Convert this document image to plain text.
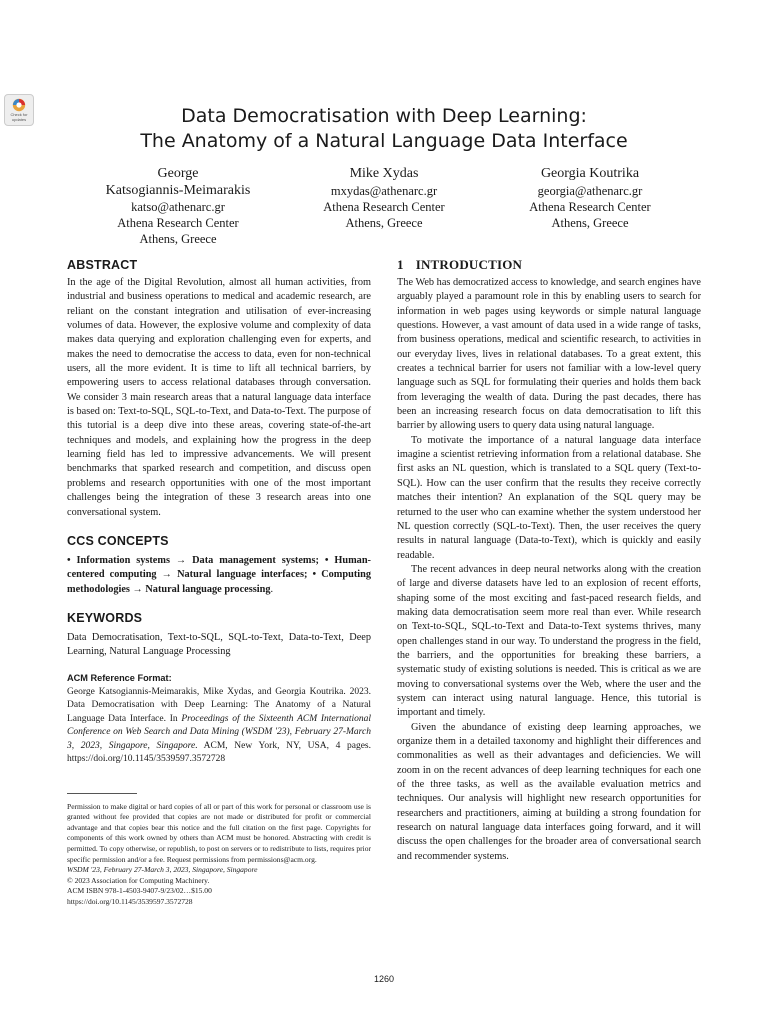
Check for updates	Data Democratisation with Deep Learning:
The Anatomy of a Natural Language Data Interface
George
Katsogiannis-Meimarakis
katso@athenarc.gr
Athena Research Center
Athens, Greece
Mike Xydas
mxydas@athenarc.gr
Athena Research Center
Athens, Greece
Georgia Koutrika
georgia@athenarc.gr
Athena Research Center
Athens, Greece
ABSTRACT

In the age of the Digital Revolution, almost all human activities, from industrial and business operations to medical and academic research, are reliant on the constant integration and utilisation of ever-increasing volumes of data. However, the explosive volume and complexity of data makes data querying and exploration challenging even for experts, and makes the need to democratise the access to data, even for non-technical users, all the more evident. It is time to lift all technical barriers, by empowering users to access relational databases through conversation. We consider 3 main research areas that a natural language data interface is based on: Text-to-SQL, SQL-to-Text, and Data-to-Text. The purpose of this tutorial is a deep dive into these areas, covering state-of-the-art techniques and models, and explaining how the progress in the deep learning field has led to impressive advancements. We will present benchmarks that sparked research and competition, and discuss open problems and research opportunities with one of the most important challenges being the integration of these 3 research areas into one conversational system.

CCS CONCEPTS

• Information systems → Data management systems; • Human-centered computing → Natural language interfaces; • Computing methodologies → Natural language processing.

KEYWORDS

Data Democratisation, Text-to-SQL, SQL-to-Text, Data-to-Text, Deep Learning, Natural Language Processing

ACM Reference Format:

George Katsogiannis-Meimarakis, Mike Xydas, and Georgia Koutrika. 2023. Data Democratisation with Deep Learning: The Anatomy of a Natural Language Data Interface. In Proceedings of the Sixteenth ACM International Conference on Web Search and Data Mining (WSDM '23), February 27-March 3, 2023, Singapore, Singapore. ACM, New York, NY, USA, 4 pages. https://doi.org/10.1145/3539597.3572728

Permission to make digital or hard copies of all or part of this work for personal or classroom use is granted without fee provided that copies are not made or distributed for profit or commercial advantage and that copies bear this notice and the full citation on the first page. Copyrights for components of this work owned by others than ACM must be honored. Abstracting with credit is permitted. To copy otherwise, or republish, to post on servers or to redistribute to lists, requires prior specific permission and/or a fee. Request permissions from permissions@acm.org.
WSDM '23, February 27-March 3, 2023, Singapore, Singapore
© 2023 Association for Computing Machinery.
ACM ISBN 978-1-4503-9407-9/23/02…$15.00
https://doi.org/10.1145/3539597.3572728

1 INTRODUCTION

The Web has democratized access to knowledge, and search engines have arguably played a paramount role in this by enabling users to search for information in web pages using keywords or simple natural language questions. However, a vast amount of data used in a wide range of tasks, from business operations, medical and scientific research, to activities in our everyday lives, lives in relational databases. To a great extent, this creates a technical barrier for users not familiar with a low-level query language such as SQL for formulating their queries and holds them back from leveraging the wealth of data. During the past decades, there has been an increasing research focus on data democratisation to lift this barrier by allowing users to query data using natural language.

To motivate the importance of a natural language data interface imagine a scientist retrieving information from a relational database. She first asks an NL question, which is translated to a SQL query (Text-to-SQL). How can the user confirm that the results they receive correctly matches their intention? An explanation of the SQL query may be returned to the user who can examine whether the system understood her NL question correctly (SQL-to-Text). Then, the user receives the query results in natural language (Data-to-Text), which is quickly and easily readable.

The recent advances in deep neural networks along with the creation of large and diverse datasets have led to an explosion of recent efforts, shaping some of the most exciting and fast-paced research fields, and making data democratisation seem more real than ever. While research on Text-to-SQL, SQL-to-Text and Data-to-Text systems thrives, many open challenges stand in our way. To understand the progress in the field, the barriers, and the opportunities for breaking these barriers, a systematic study of existing solutions is needed. This is critical as we are moving to conversational systems over the Web, where the user and the system can interact using natural language. Hence, this tutorial is important and timely.

Given the abundance of existing deep learning approaches, we organize them in a detailed taxonomy and highlight their differences and commonalities as well as their advantages and deficiencies. We will zoom in on the recent advances of deep learning techniques for each one of the three tasks, as well as the available evaluation metrics and techniques. Our analysis will highlight new research opportunities for researchers and practitioners, aiming at building a strong foundation for research on natural language data interfaces going forward, and it will discuss the open challenges for the broader area of conversational search and recommender systems.

1260
